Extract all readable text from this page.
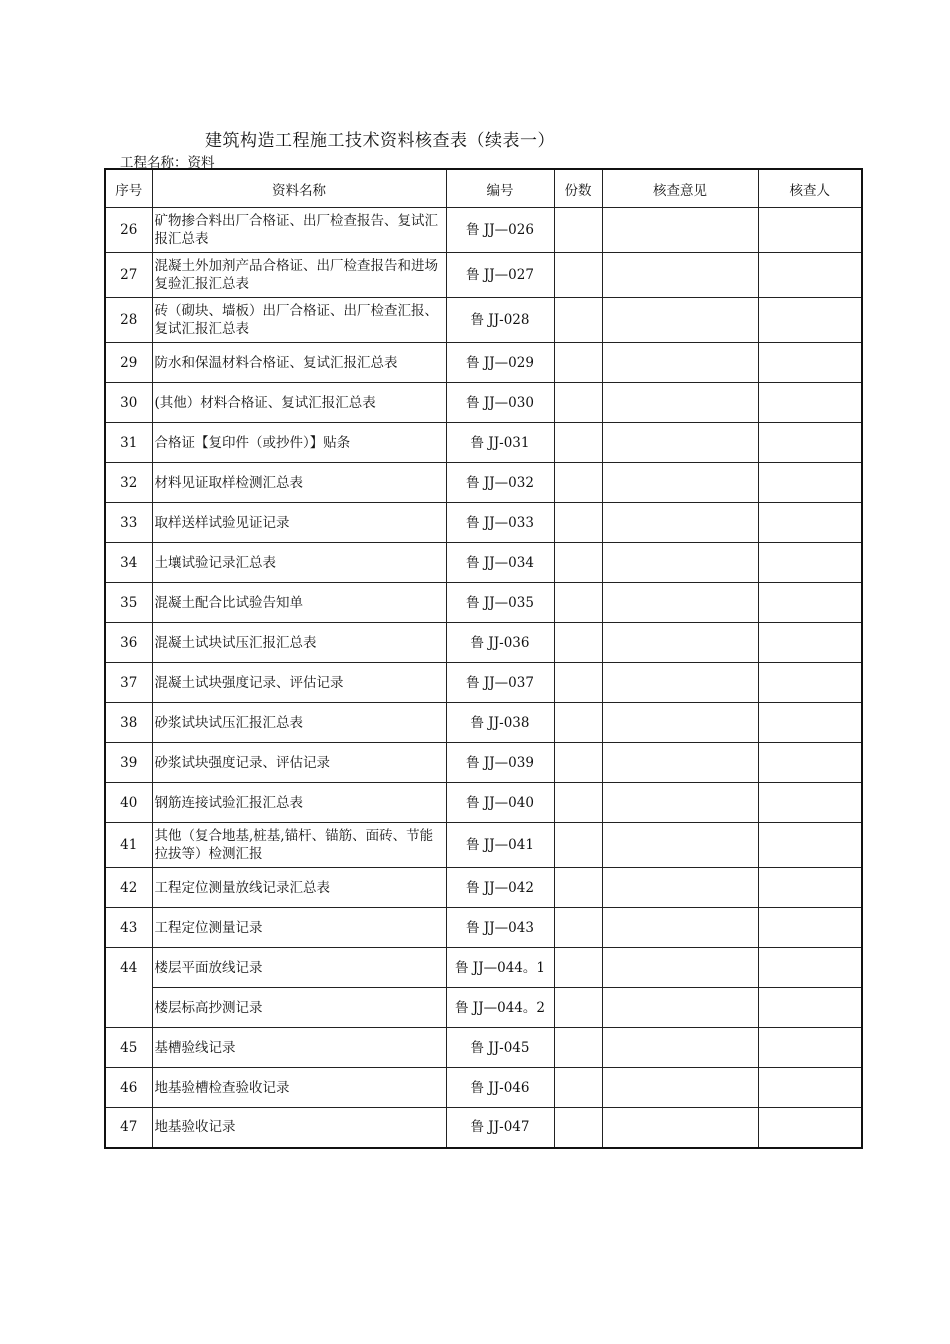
建筑构造工程施工技术资料核查表（续表一）
工程名称：资料
序号	资料名称	编号	份数	核查意见	核查人
26	矿物掺合料出厂合格证、出厂检查报告、复试汇报汇总表	鲁 JJ—026			
27	混凝土外加剂产品合格证、出厂检查报告和进场复验汇报汇总表	鲁 JJ—027			
28	砖（砌块、墙板）出厂合格证、出厂检查汇报、复试汇报汇总表	鲁 JJ-028			
29	防水和保温材料合格证、复试汇报汇总表	鲁 JJ—029			
30	(其他）材料合格证、复试汇报汇总表	鲁 JJ—030			
31	合格证【复印件（或抄件）】贴条	鲁 JJ-031			
32	材料见证取样检测汇总表	鲁 JJ—032			
33	取样送样试验见证记录	鲁 JJ—033			
34	土壤试验记录汇总表	鲁 JJ—034			
35	混凝土配合比试验告知单	鲁 JJ—035			
36	混凝土试块试压汇报汇总表	鲁 JJ-036			
37	混凝土试块强度记录、评估记录	鲁 JJ—037			
38	砂浆试块试压汇报汇总表	鲁 JJ-038			
39	砂浆试块强度记录、评估记录	鲁 JJ—039			
40	钢筋连接试验汇报汇总表	鲁 JJ—040			
41	其他（复合地基,桩基,锚杆、锚筋、面砖、节能拉拔等）检测汇报	鲁 JJ—041			
42	工程定位测量放线记录汇总表	鲁 JJ—042			
43	工程定位测量记录	鲁 JJ—043			
44	楼层平面放线记录	鲁 JJ—044。1			
	楼层标高抄测记录	鲁 JJ—044。2			
45	基槽验线记录	鲁 JJ-045			
46	地基验槽检查验收记录	鲁 JJ-046			
47	地基验收记录	鲁 JJ-047			
